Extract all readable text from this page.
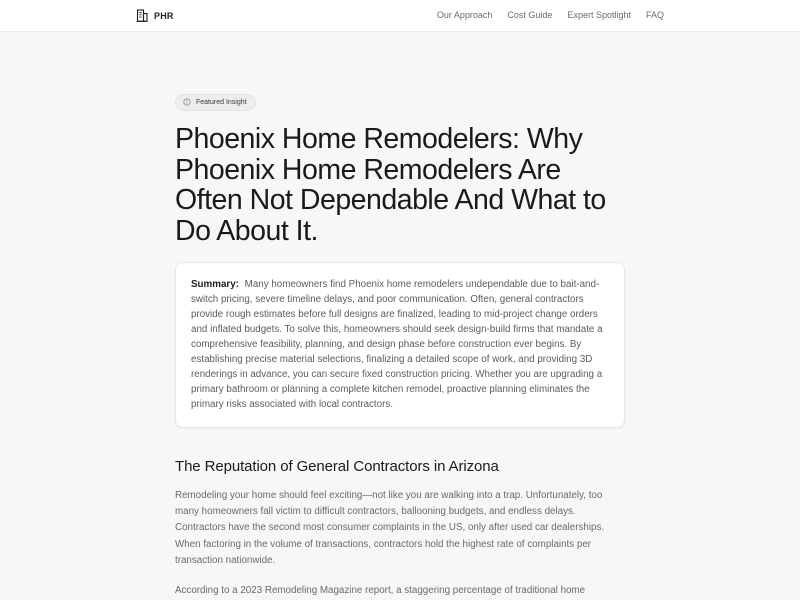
PHR	Our Approach Cost Guide Expert Spotlight FAQ
Featured Insight
Phoenix Home Remodelers: Why Phoenix Home Remodelers Are Often Not Dependable And What to Do About It.
Summary: Many homeowners find Phoenix home remodelers undependable due to bait-and-switch pricing, severe timeline delays, and poor communication. Often, general contractors provide rough estimates before full designs are finalized, leading to mid-project change orders and inflated budgets. To solve this, homeowners should seek design-build firms that mandate a comprehensive feasibility, planning, and design phase before construction ever begins. By establishing precise material selections, finalizing a detailed scope of work, and providing 3D renderings in advance, you can secure fixed construction pricing. Whether you are upgrading a primary bathroom or planning a complete kitchen remodel, proactive planning eliminates the primary risks associated with local contractors.
The Reputation of General Contractors in Arizona

Remodeling your home should feel exciting—not like you are walking into a trap. Unfortunately, too many homeowners fall victim to difficult contractors, ballooning budgets, and endless delays. Contractors have the second most consumer complaints in the US, only after used car dealerships. When factoring in the volume of transactions, contractors hold the highest rate of complaints per transaction nationwide.

According to a 2023 Remodeling Magazine report, a staggering percentage of traditional home
